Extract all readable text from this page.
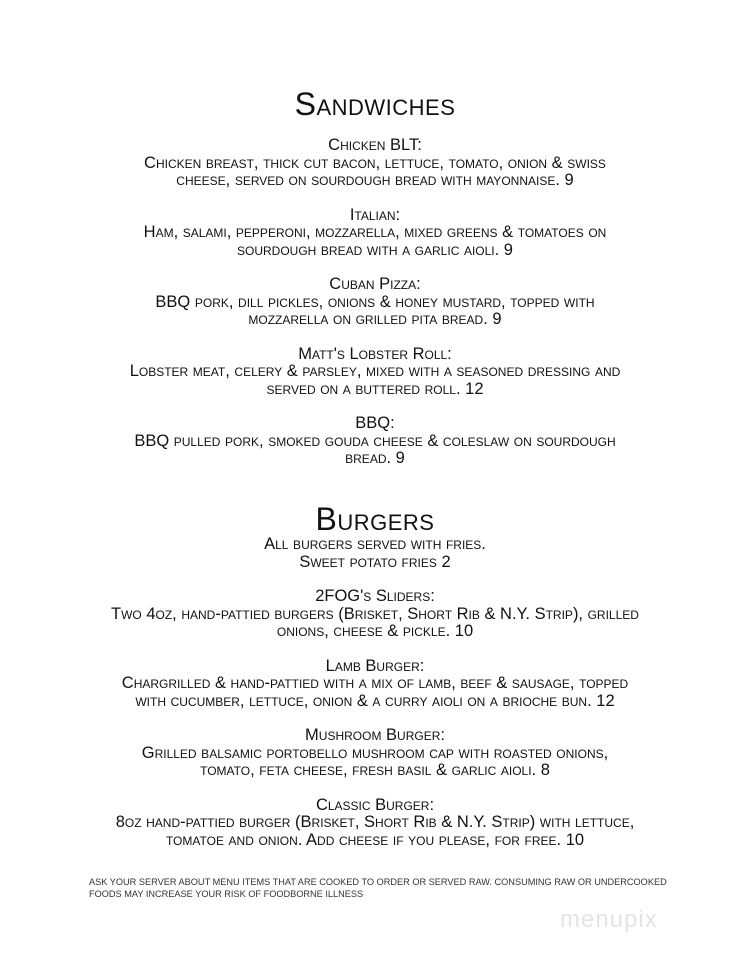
Sandwiches
Chicken BLT:
Chicken breast, thick cut bacon, lettuce, tomato, onion & swiss
cheese, served on sourdough bread with mayonnaise. 9
Italian:
Ham, salami, pepperoni, mozzarella, mixed greens & tomatoes on
sourdough bread with a garlic aioli. 9
Cuban Pizza:
BBQ pork, dill pickles, onions & honey mustard, topped with
mozzarella on grilled pita bread. 9
Matt's Lobster Roll:
Lobster meat, celery & parsley, mixed with a seasoned dressing and
served on a buttered roll. 12
BBQ:
BBQ pulled pork, smoked gouda cheese & coleslaw on sourdough
bread. 9
Burgers
All burgers served with fries.
Sweet potato fries 2
2FOG's Sliders:
Two 4oz, hand-pattied burgers (Brisket, Short Rib & N.Y. Strip), grilled
onions, cheese & pickle. 10
Lamb Burger:
Chargrilled & hand-pattied with a mix of lamb, beef & sausage, topped
with cucumber, lettuce, onion & a curry aioli on a brioche bun. 12
Mushroom Burger:
Grilled balsamic portobello mushroom cap with roasted onions,
tomato, feta cheese, fresh basil & garlic aioli. 8
Classic Burger:
8oz hand-pattied burger (Brisket, Short Rib & N.Y. Strip) with lettuce,
tomatoe and onion. Add cheese if you please, for free. 10
ASK YOUR SERVER ABOUT MENU ITEMS THAT ARE COOKED TO ORDER OR SERVED RAW. CONSUMING RAW OR UNDERCOOKED
FOODS MAY INCREASE YOUR RISK OF FOODBORNE ILLNESS
menupix
